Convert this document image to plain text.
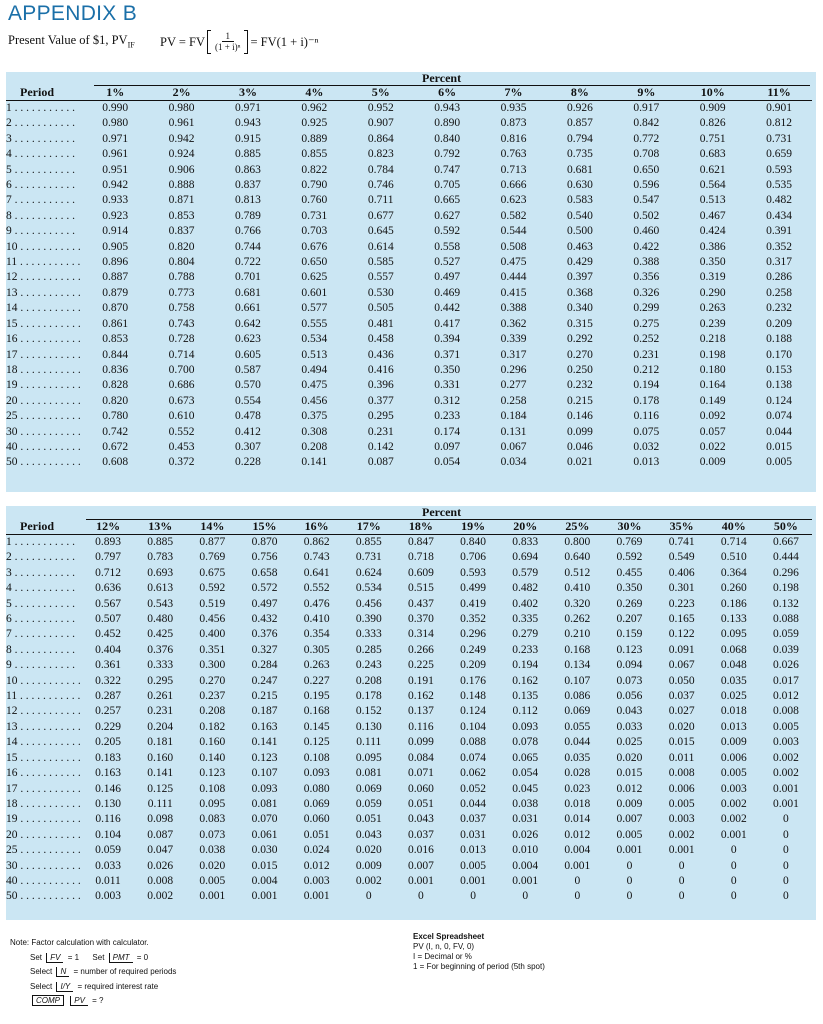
APPENDIX B
Present Value of $1, $PV_{IF}$ PV = FV $\frac{1}{\text{(1 + i)ⁿ}} = FV(1 + i)^{-n}$
Percent
Period	1%	2%	3%	4%	5%	6%	7%	8%	9%	10%	11%
1 . . . . . . . . . . .	0.990	0.980	0.971	0.962	0.952	0.943	0.935	0.926	0.917	0.909	0.901
2 . . . . . . . . . . .	0.980	0.961	0.943	0.925	0.907	0.890	0.873	0.857	0.842	0.826	0.812
3 . . . . . . . . . . .	0.971	0.942	0.915	0.889	0.864	0.840	0.816	0.794	0.772	0.751	0.731
4 . . . . . . . . . . .	0.961	0.924	0.885	0.855	0.823	0.792	0.763	0.735	0.708	0.683	0.659
5 . . . . . . . . . . .	0.951	0.906	0.863	0.822	0.784	0.747	0.713	0.681	0.650	0.621	0.593
6 . . . . . . . . . . .	0.942	0.888	0.837	0.790	0.746	0.705	0.666	0.630	0.596	0.564	0.535
7 . . . . . . . . . . .	0.933	0.871	0.813	0.760	0.711	0.665	0.623	0.583	0.547	0.513	0.482
8 . . . . . . . . . . .	0.923	0.853	0.789	0.731	0.677	0.627	0.582	0.540	0.502	0.467	0.434
9 . . . . . . . . . . .	0.914	0.837	0.766	0.703	0.645	0.592	0.544	0.500	0.460	0.424	0.391
10 . . . . . . . . . . .	0.905	0.820	0.744	0.676	0.614	0.558	0.508	0.463	0.422	0.386	0.352
11 . . . . . . . . . . .	0.896	0.804	0.722	0.650	0.585	0.527	0.475	0.429	0.388	0.350	0.317
12 . . . . . . . . . . .	0.887	0.788	0.701	0.625	0.557	0.497	0.444	0.397	0.356	0.319	0.286
13 . . . . . . . . . . .	0.879	0.773	0.681	0.601	0.530	0.469	0.415	0.368	0.326	0.290	0.258
14 . . . . . . . . . . .	0.870	0.758	0.661	0.577	0.505	0.442	0.388	0.340	0.299	0.263	0.232
15 . . . . . . . . . . .	0.861	0.743	0.642	0.555	0.481	0.417	0.362	0.315	0.275	0.239	0.209
16 . . . . . . . . . . .	0.853	0.728	0.623	0.534	0.458	0.394	0.339	0.292	0.252	0.218	0.188
17 . . . . . . . . . . .	0.844	0.714	0.605	0.513	0.436	0.371	0.317	0.270	0.231	0.198	0.170
18 . . . . . . . . . . .	0.836	0.700	0.587	0.494	0.416	0.350	0.296	0.250	0.212	0.180	0.153
19 . . . . . . . . . . .	0.828	0.686	0.570	0.475	0.396	0.331	0.277	0.232	0.194	0.164	0.138
20 . . . . . . . . . . .	0.820	0.673	0.554	0.456	0.377	0.312	0.258	0.215	0.178	0.149	0.124
25 . . . . . . . . . . .	0.780	0.610	0.478	0.375	0.295	0.233	0.184	0.146	0.116	0.092	0.074
30 . . . . . . . . . . .	0.742	0.552	0.412	0.308	0.231	0.174	0.131	0.099	0.075	0.057	0.044
40 . . . . . . . . . . .	0.672	0.453	0.307	0.208	0.142	0.097	0.067	0.046	0.032	0.022	0.015
50 . . . . . . . . . . .	0.608	0.372	0.228	0.141	0.087	0.054	0.034	0.021	0.013	0.009	0.005
Percent
Period	12%	13%	14%	15%	16%	17%	18%	19%	20%	25%	30%	35%	40%	50%
1 . . . . . . . . . . .	0.893	0.885	0.877	0.870	0.862	0.855	0.847	0.840	0.833	0.800	0.769	0.741	0.714	0.667
2 . . . . . . . . . . .	0.797	0.783	0.769	0.756	0.743	0.731	0.718	0.706	0.694	0.640	0.592	0.549	0.510	0.444
3 . . . . . . . . . . .	0.712	0.693	0.675	0.658	0.641	0.624	0.609	0.593	0.579	0.512	0.455	0.406	0.364	0.296
4 . . . . . . . . . . .	0.636	0.613	0.592	0.572	0.552	0.534	0.515	0.499	0.482	0.410	0.350	0.301	0.260	0.198
5 . . . . . . . . . . .	0.567	0.543	0.519	0.497	0.476	0.456	0.437	0.419	0.402	0.320	0.269	0.223	0.186	0.132
6 . . . . . . . . . . .	0.507	0.480	0.456	0.432	0.410	0.390	0.370	0.352	0.335	0.262	0.207	0.165	0.133	0.088
7 . . . . . . . . . . .	0.452	0.425	0.400	0.376	0.354	0.333	0.314	0.296	0.279	0.210	0.159	0.122	0.095	0.059
8 . . . . . . . . . . .	0.404	0.376	0.351	0.327	0.305	0.285	0.266	0.249	0.233	0.168	0.123	0.091	0.068	0.039
9 . . . . . . . . . . .	0.361	0.333	0.300	0.284	0.263	0.243	0.225	0.209	0.194	0.134	0.094	0.067	0.048	0.026
10 . . . . . . . . . . .	0.322	0.295	0.270	0.247	0.227	0.208	0.191	0.176	0.162	0.107	0.073	0.050	0.035	0.017
11 . . . . . . . . . . .	0.287	0.261	0.237	0.215	0.195	0.178	0.162	0.148	0.135	0.086	0.056	0.037	0.025	0.012
12 . . . . . . . . . . .	0.257	0.231	0.208	0.187	0.168	0.152	0.137	0.124	0.112	0.069	0.043	0.027	0.018	0.008
13 . . . . . . . . . . .	0.229	0.204	0.182	0.163	0.145	0.130	0.116	0.104	0.093	0.055	0.033	0.020	0.013	0.005
14 . . . . . . . . . . .	0.205	0.181	0.160	0.141	0.125	0.111	0.099	0.088	0.078	0.044	0.025	0.015	0.009	0.003
15 . . . . . . . . . . .	0.183	0.160	0.140	0.123	0.108	0.095	0.084	0.074	0.065	0.035	0.020	0.011	0.006	0.002
16 . . . . . . . . . . .	0.163	0.141	0.123	0.107	0.093	0.081	0.071	0.062	0.054	0.028	0.015	0.008	0.005	0.002
17 . . . . . . . . . . .	0.146	0.125	0.108	0.093	0.080	0.069	0.060	0.052	0.045	0.023	0.012	0.006	0.003	0.001
18 . . . . . . . . . . .	0.130	0.111	0.095	0.081	0.069	0.059	0.051	0.044	0.038	0.018	0.009	0.005	0.002	0.001
19 . . . . . . . . . . .	0.116	0.098	0.083	0.070	0.060	0.051	0.043	0.037	0.031	0.014	0.007	0.003	0.002	0
20 . . . . . . . . . . .	0.104	0.087	0.073	0.061	0.051	0.043	0.037	0.031	0.026	0.012	0.005	0.002	0.001	0
25 . . . . . . . . . . .	0.059	0.047	0.038	0.030	0.024	0.020	0.016	0.013	0.010	0.004	0.001	0.001	0	0
30 . . . . . . . . . . .	0.033	0.026	0.020	0.015	0.012	0.009	0.007	0.005	0.004	0.001	0	0	0	0
40 . . . . . . . . . . .	0.011	0.008	0.005	0.004	0.003	0.002	0.001	0.001	0.001	0	0	0	0	0
50 . . . . . . . . . . .	0.003	0.002	0.001	0.001	0.001	0	0	0	0	0	0	0	0	0
Note: Factor calculation with calculator.
Set FV = 1 Set PMT = 0
Select N = number of required periods
Select I/Y = required interest rate
COMP PV = ?
Excel Spreadsheet
PV (I, n, 0, FV, 0)
I = Decimal or %
1 = For beginning of period (5th spot)
